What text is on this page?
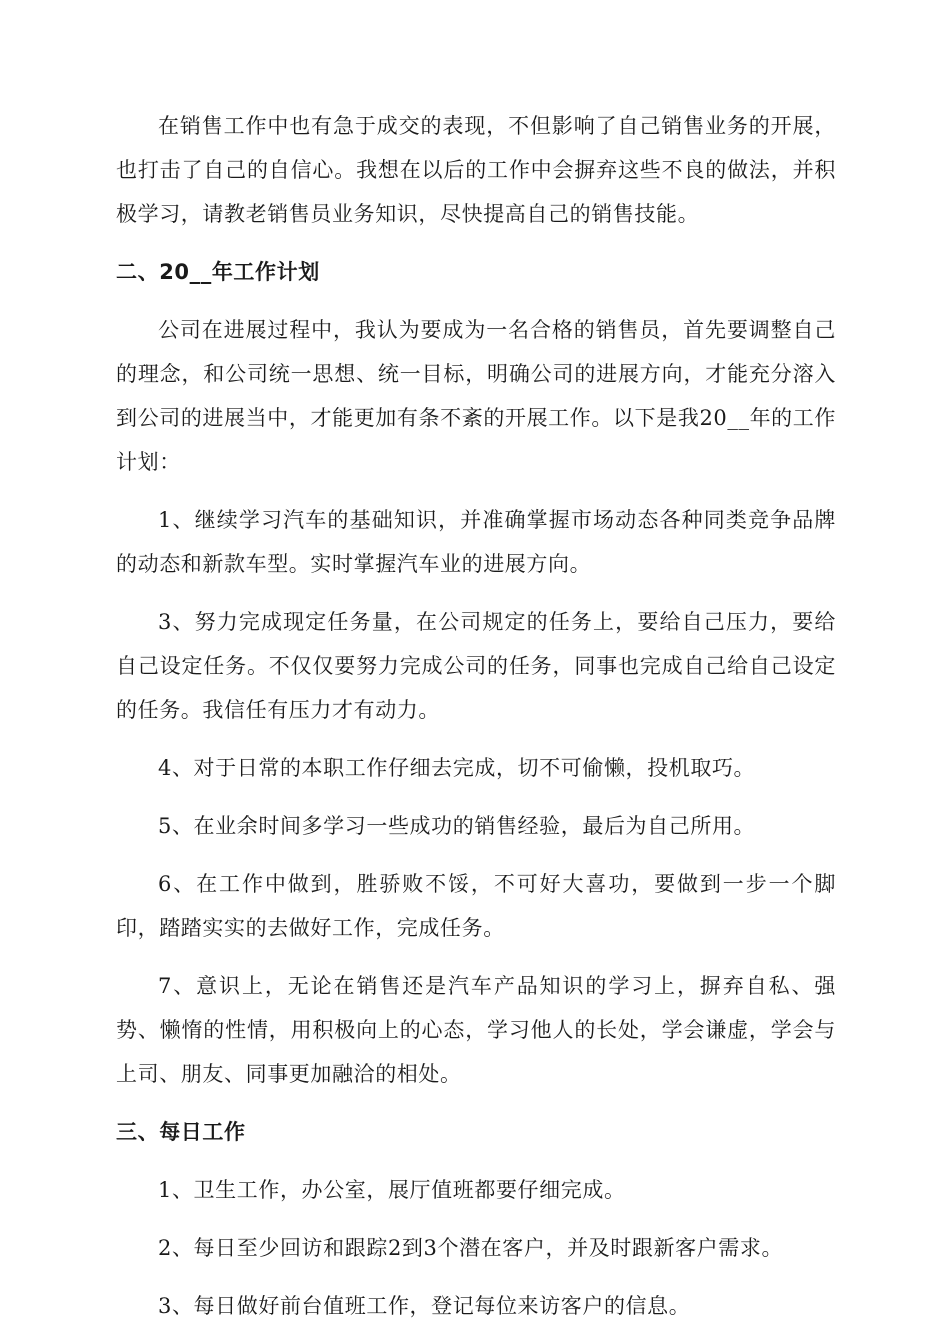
在销售工作中也有急于成交的表现，不但影响了自己销售业务的开展，也打击了自己的自信心。我想在以后的工作中会摒弃这些不良的做法，并积极学习，请教老销售员业务知识，尽快提高自己的销售技能。

二、20__年工作计划

公司在进展过程中，我认为要成为一名合格的销售员，首先要调整自己的理念，和公司统一思想、统一目标，明确公司的进展方向，才能充分溶入到公司的进展当中，才能更加有条不紊的开展工作。以下是我20__年的工作计划：

1、继续学习汽车的基础知识，并准确掌握市场动态各种同类竞争品牌的动态和新款车型。实时掌握汽车业的进展方向。

3、努力完成现定任务量，在公司规定的任务上，要给自己压力，要给自己设定任务。不仅仅要努力完成公司的任务，同事也完成自己给自己设定的任务。我信任有压力才有动力。

4、对于日常的本职工作仔细去完成，切不可偷懒，投机取巧。

5、在业余时间多学习一些成功的销售经验，最后为自己所用。

6、在工作中做到，胜骄败不馁，不可好大喜功，要做到一步一个脚印，踏踏实实的去做好工作，完成任务。

7、意识上，无论在销售还是汽车产品知识的学习上，摒弃自私、强势、懒惰的性情，用积极向上的心态，学习他人的长处，学会谦虚，学会与上司、朋友、同事更加融洽的相处。

三、每日工作

1、卫生工作，办公室，展厅值班都要仔细完成。

2、每日至少回访和跟踪2到3个潜在客户，并及时跟新客户需求。

3、每日做好前台值班工作，登记每位来访客户的信息。
